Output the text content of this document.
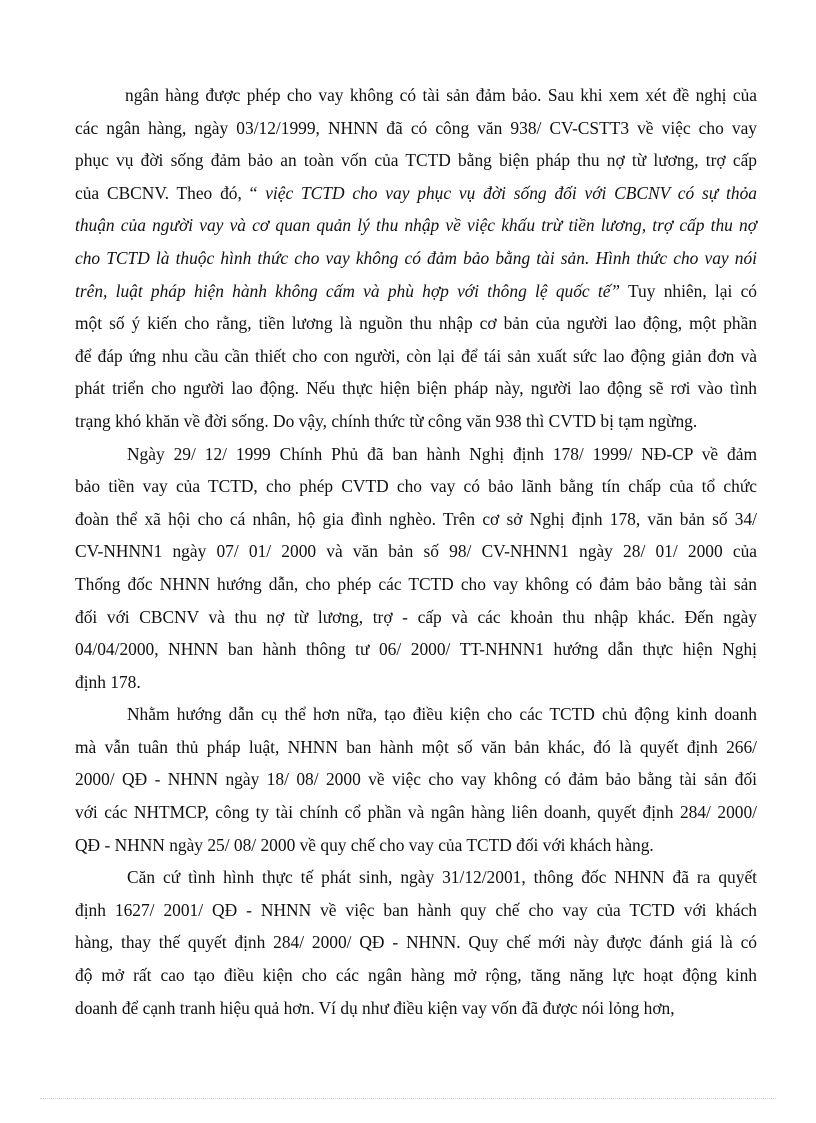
ngân hàng được phép cho vay không có tài sản đảm bảo. Sau khi xem xét đề nghị của
các ngân hàng, ngày 03/12/1999, NHNN đã có công văn 938/ CV-CSTT3 về việc cho vay
phục vụ đời sống đảm bảo an toàn vốn của TCTD bằng biện pháp thu nợ từ lương, trợ cấp
của CBCNV. Theo đó, “ việc TCTD cho vay phục vụ đời sống đối với CBCNV có sự thỏa
thuận của người vay và cơ quan quản lý thu nhập về việc khấu trừ tiền lương, trợ cấp thu nợ
cho TCTD là thuộc hình thức cho vay không có đảm bảo bằng tài sản. Hình thức cho vay nói
trên, luật pháp hiện hành không cấm và phù hợp với thông lệ quốc tế” Tuy nhiên, lại có
một số ý kiến cho rằng, tiền lương là nguồn thu nhập cơ bản của người lao động, một phần
để đáp ứng nhu cầu cần thiết cho con người, còn lại để tái sản xuất sức lao động giản đơn và
phát triển cho người lao động. Nếu thực hiện biện pháp này, người lao động sẽ rơi vào tình
trạng khó khăn về đời sống. Do vậy, chính thức từ công văn 938 thì CVTD bị tạm ngừng.
Ngày 29/ 12/ 1999 Chính Phủ đã ban hành Nghị định 178/ 1999/ NĐ-CP về đảm
bảo tiền vay của TCTD, cho phép CVTD cho vay có bảo lãnh bằng tín chấp của tổ chức
đoàn thể xã hội cho cá nhân, hộ gia đình nghèo. Trên cơ sở Nghị định 178, văn bản số 34/
CV-NHNN1 ngày 07/ 01/ 2000 và văn bản số 98/ CV-NHNN1 ngày 28/ 01/ 2000 của
Thống đốc NHNN hướng dẫn, cho phép các TCTD cho vay không có đảm bảo bằng tài sản
đối với CBCNV và thu nợ từ lương, trợ - cấp và các khoản thu nhập khác. Đến ngày
04/04/2000, NHNN ban hành thông tư 06/ 2000/ TT-NHNN1 hướng dẫn thực hiện Nghị
định 178.
Nhằm hướng dẫn cụ thể hơn nữa, tạo điều kiện cho các TCTD chủ động kinh doanh
mà vẫn tuân thủ pháp luật, NHNN ban hành một số văn bản khác, đó là quyết định 266/
2000/ QĐ - NHNN ngày 18/ 08/ 2000 về việc cho vay không có đảm bảo bằng tài sản đối
với các NHTMCP, công ty tài chính cổ phần và ngân hàng liên doanh, quyết định 284/ 2000/
QĐ - NHNN ngày 25/ 08/ 2000 về quy chế cho vay của TCTD đối với khách hàng.
Căn cứ tình hình thực tế phát sinh, ngày 31/12/2001, thông đốc NHNN đã ra quyết
định 1627/ 2001/ QĐ - NHNN về việc ban hành quy chế cho vay của TCTD với khách
hàng, thay thế quyết định 284/ 2000/ QĐ - NHNN. Quy chế mới này được đánh giá là có
độ mở rất cao tạo điều kiện cho các ngân hàng mở rộng, tăng năng lực hoạt động kinh
doanh để cạnh tranh hiệu quả hơn. Ví dụ như điều kiện vay vốn đã được nói lỏng hơn,
